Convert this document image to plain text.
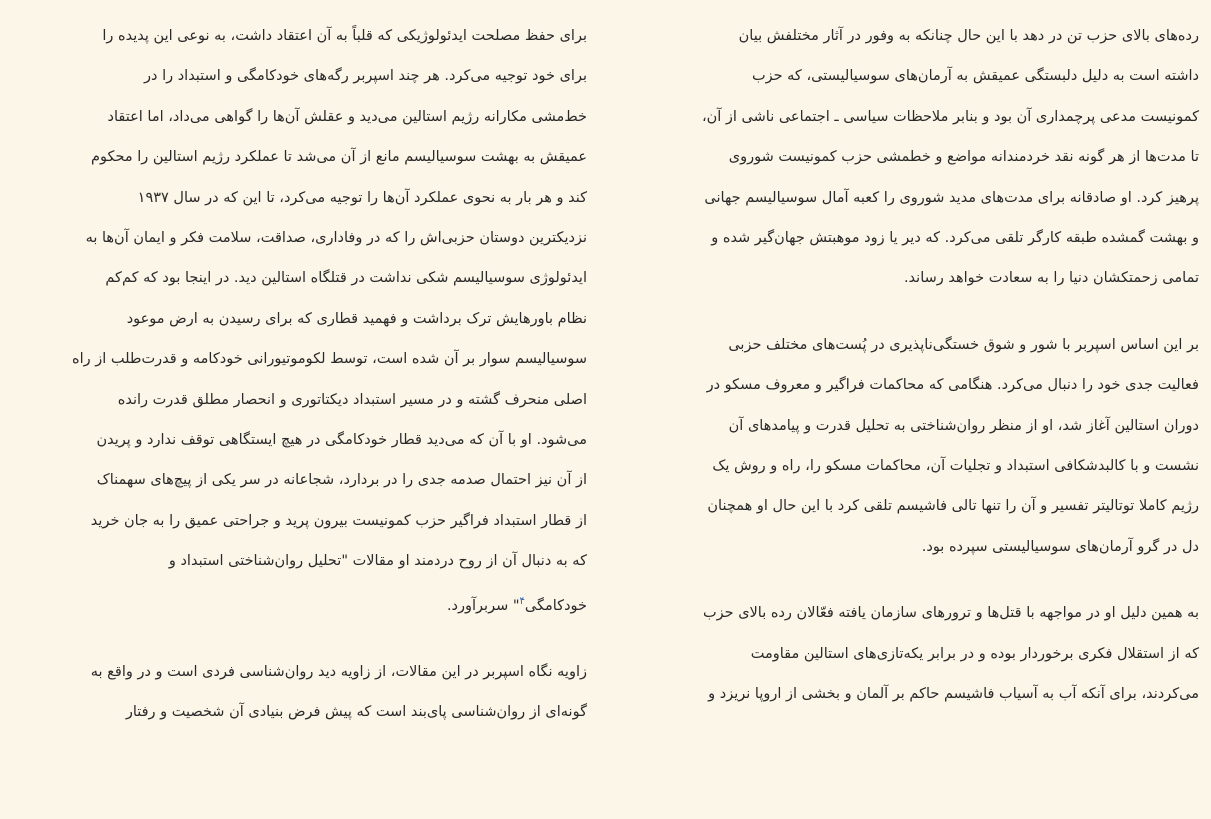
رده‌های بالای حزب تن در دهد با این حال چنانکه به وفور در آثار مختلفش بیان
داشته است به دلیل دلبستگی عمیقش به آرمان‌های سوسیالیستی، که حزب
کمونیست مدعی پرچمداری آن بود و بنابر ملاحظات سیاسی ـ اجتماعی ناشی از آن،
تا مدت‌ها از هر گونه نقد خردمندانه مواضع و خطمشی حزب کمونیست شوروی
پرهیز کرد. او صادقانه برای مدت‌های مدید شوروی را کعبه آمال سوسیالیسم جهانی
و بهشت گمشده طبقه کارگر تلقی می‌کرد. که دیر یا زود موهبتش جهان‌گیر شده و
تمامی زحمتکشان دنیا را به سعادت خواهد رساند.

بر این اساس اسپربر با شور و شوق خستگی‌ناپذیری در پُست‌های مختلف حزبی
فعالیت جدی خود را دنبال می‌کرد. هنگامی که محاکمات فراگیر و معروف مسکو در
دوران استالین آغاز شد، او از منظر روان‌شناختی به تحلیل قدرت و پیامدهای آن
نشست و با کالبدشکافی استبداد و تجلیات آن، محاکمات مسکو را، راه و روش یک
رژیم کاملا توتالیتر تفسیر و آن را تنها تالی فاشیسم تلقی کرد با این حال او همچنان
دل در گرو آرمان‌های سوسیالیستی سپرده بود.

به همین دلیل او در مواجهه با قتل‌ها و ترورهای سازمان یافته فعّالان رده بالای حزب
که از استقلال فکری برخوردار بوده و در برابر یکه‌تازی‌های استالین مقاومت
می‌کردند، برای آنکه آب به آسیاب فاشیسم حاکم بر آلمان و بخشی از اروپا نریزد و

برای حفظ مصلحت ایدئولوژیکی که قلباً به آن اعتقاد داشت، به نوعی این پدیده را
برای خود توجیه می‌کرد. هر چند اسپربر رگه‌های خودکامگی و استبداد را در
خط‌مشی مکارانه رژیم استالین می‌دید و عقلش آن‌ها را گواهی می‌داد، اما اعتقاد
عمیقش به بهشت سوسیالیسم مانع از آن می‌شد تا عملکرد رژیم استالین را محکوم
کند و هر بار به نحوی عملکرد آن‌ها را توجیه می‌کرد، تا این که در سال ۱۹۳۷
نزدیکترین دوستان حزبی‌اش را که در وفاداری، صداقت، سلامت فکر و ایمان آن‌ها به
ایدئولوژی سوسیالیسم شکی نداشت در قتلگاه استالین دید. در اینجا بود که کم‌کم
نظام باورهایش ترک برداشت و فهمید قطاری که برای رسیدن به ارض موعود
سوسیالیسم سوار بر آن شده است، توسط لکوموتیورانی خودکامه و قدرت‌طلب از راه
اصلی منحرف گشته و در مسیر استبداد دیکتاتوری و انحصار مطلق قدرت رانده
می‌شود. او با آن که می‌دید قطار خودکامگی در هیچ ایستگاهی توقف ندارد و پریدن
از آن نیز احتمال صدمه جدی را در بردارد، شجاعانه در سر یکی از پیچ‌های سهمناک
از قطار استبداد فراگیر حزب کمونیست بیرون پرید و جراحتی عمیق را به جان خرید
که به دنبال آن از روح دردمند او مقالات "تحلیل روان‌شناختی استبداد و
خودکامگی$^۴$" سربرآورد.

زاویه نگاه اسپربر در این مقالات، از زاویه دید روان‌شناسی فردی است و در واقع به
گونه‌ای از روان‌شناسی پای‌بند است که پیش فرض بنیادی آن شخصیت و رفتار
